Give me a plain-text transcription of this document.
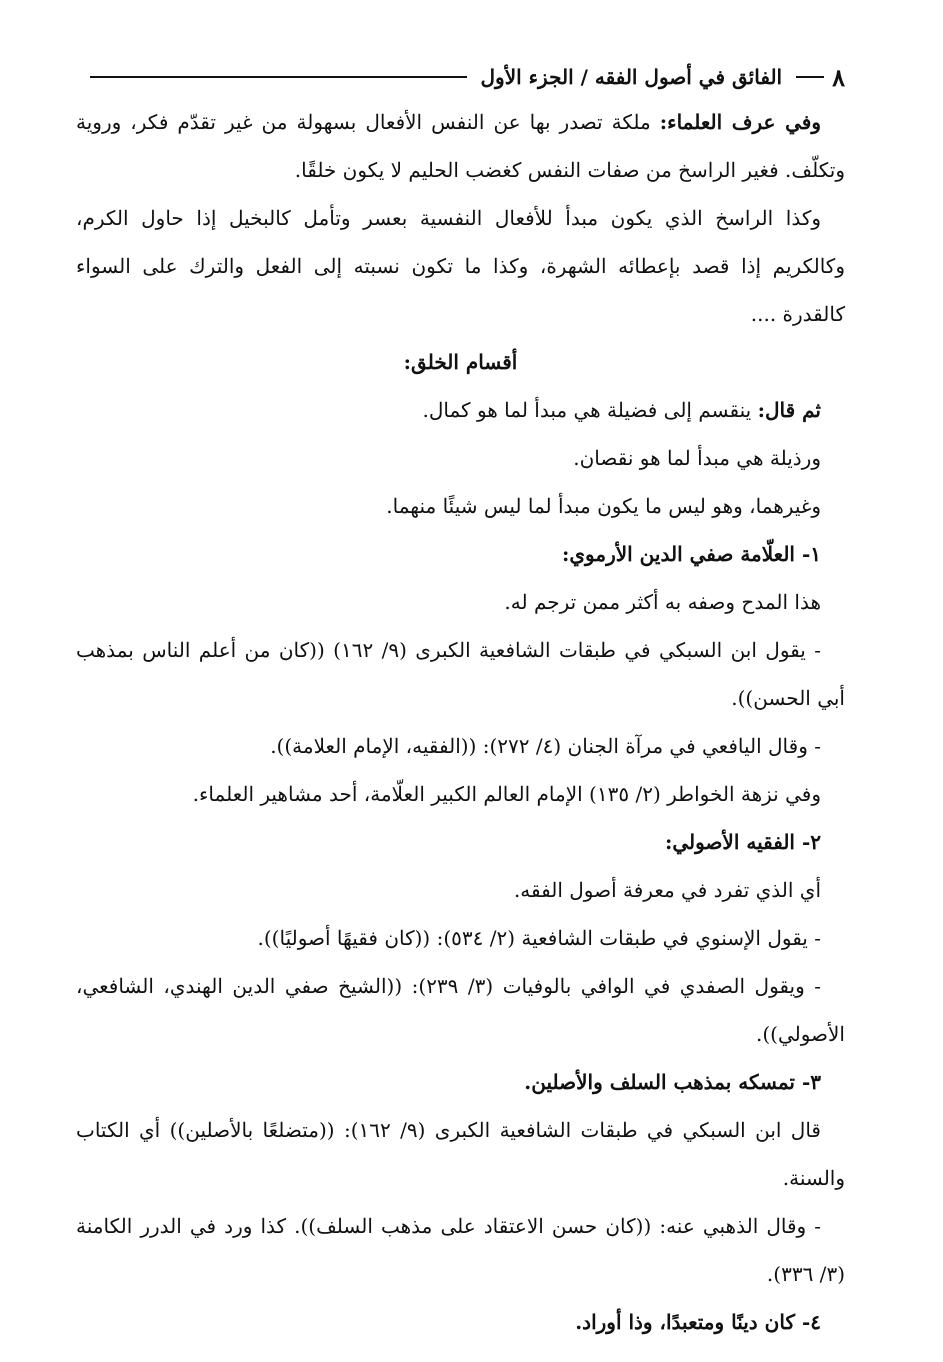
٨
الفائق في أصول الفقه / الجزء الأول

وفي عرف العلماء: ملكة تصدر بها عن النفس الأفعال بسهولة من غير تقدّم فكر، وروية وتكلّف. فغير الراسخ من صفات النفس كغضب الحليم لا يكون خلقًا.

وكذا الراسخ الذي يكون مبدأ للأفعال النفسية بعسر وتأمل كالبخيل إذا حاول الكرم، وكالكريم إذا قصد بإعطائه الشهرة، وكذا ما تكون نسبته إلى الفعل والترك على السواء كالقدرة ....

أقسام الخلق:

ثم قال: ينقسم إلى فضيلة هي مبدأ لما هو كمال.

ورذيلة هي مبدأ لما هو نقصان.

وغيرهما، وهو ليس ما يكون مبدأ لما ليس شيئًا منهما.

١- العلّامة صفي الدين الأرموي:

هذا المدح وصفه به أكثر ممن ترجم له.

- يقول ابن السبكي في طبقات الشافعية الكبرى (٩/ ١٦٢) ((كان من أعلم الناس بمذهب أبي الحسن)).

- وقال اليافعي في مرآة الجنان (٤/ ٢٧٢): ((الفقيه، الإمام العلامة)).

وفي نزهة الخواطر (٢/ ١٣٥) الإمام العالم الكبير العلّامة، أحد مشاهير العلماء.

٢- الفقيه الأصولي:

أي الذي تفرد في معرفة أصول الفقه.

- يقول الإسنوي في طبقات الشافعية (٢/ ٥٣٤): ((كان فقيهًا أصوليًا)).

- ويقول الصفدي في الوافي بالوفيات (٣/ ٢٣٩): ((الشيخ صفي الدين الهندي، الشافعي، الأصولي)).

٣- تمسكه بمذهب السلف والأصلين.

قال ابن السبكي في طبقات الشافعية الكبرى (٩/ ١٦٢): ((متضلعًا بالأصلين)) أي الكتاب والسنة.

- وقال الذهبي عنه: ((كان حسن الاعتقاد على مذهب السلف)). كذا ورد في الدرر الكامنة (٣/ ٣٣٦).

٤- كان دينًا ومتعبدًا، وذا أوراد.
